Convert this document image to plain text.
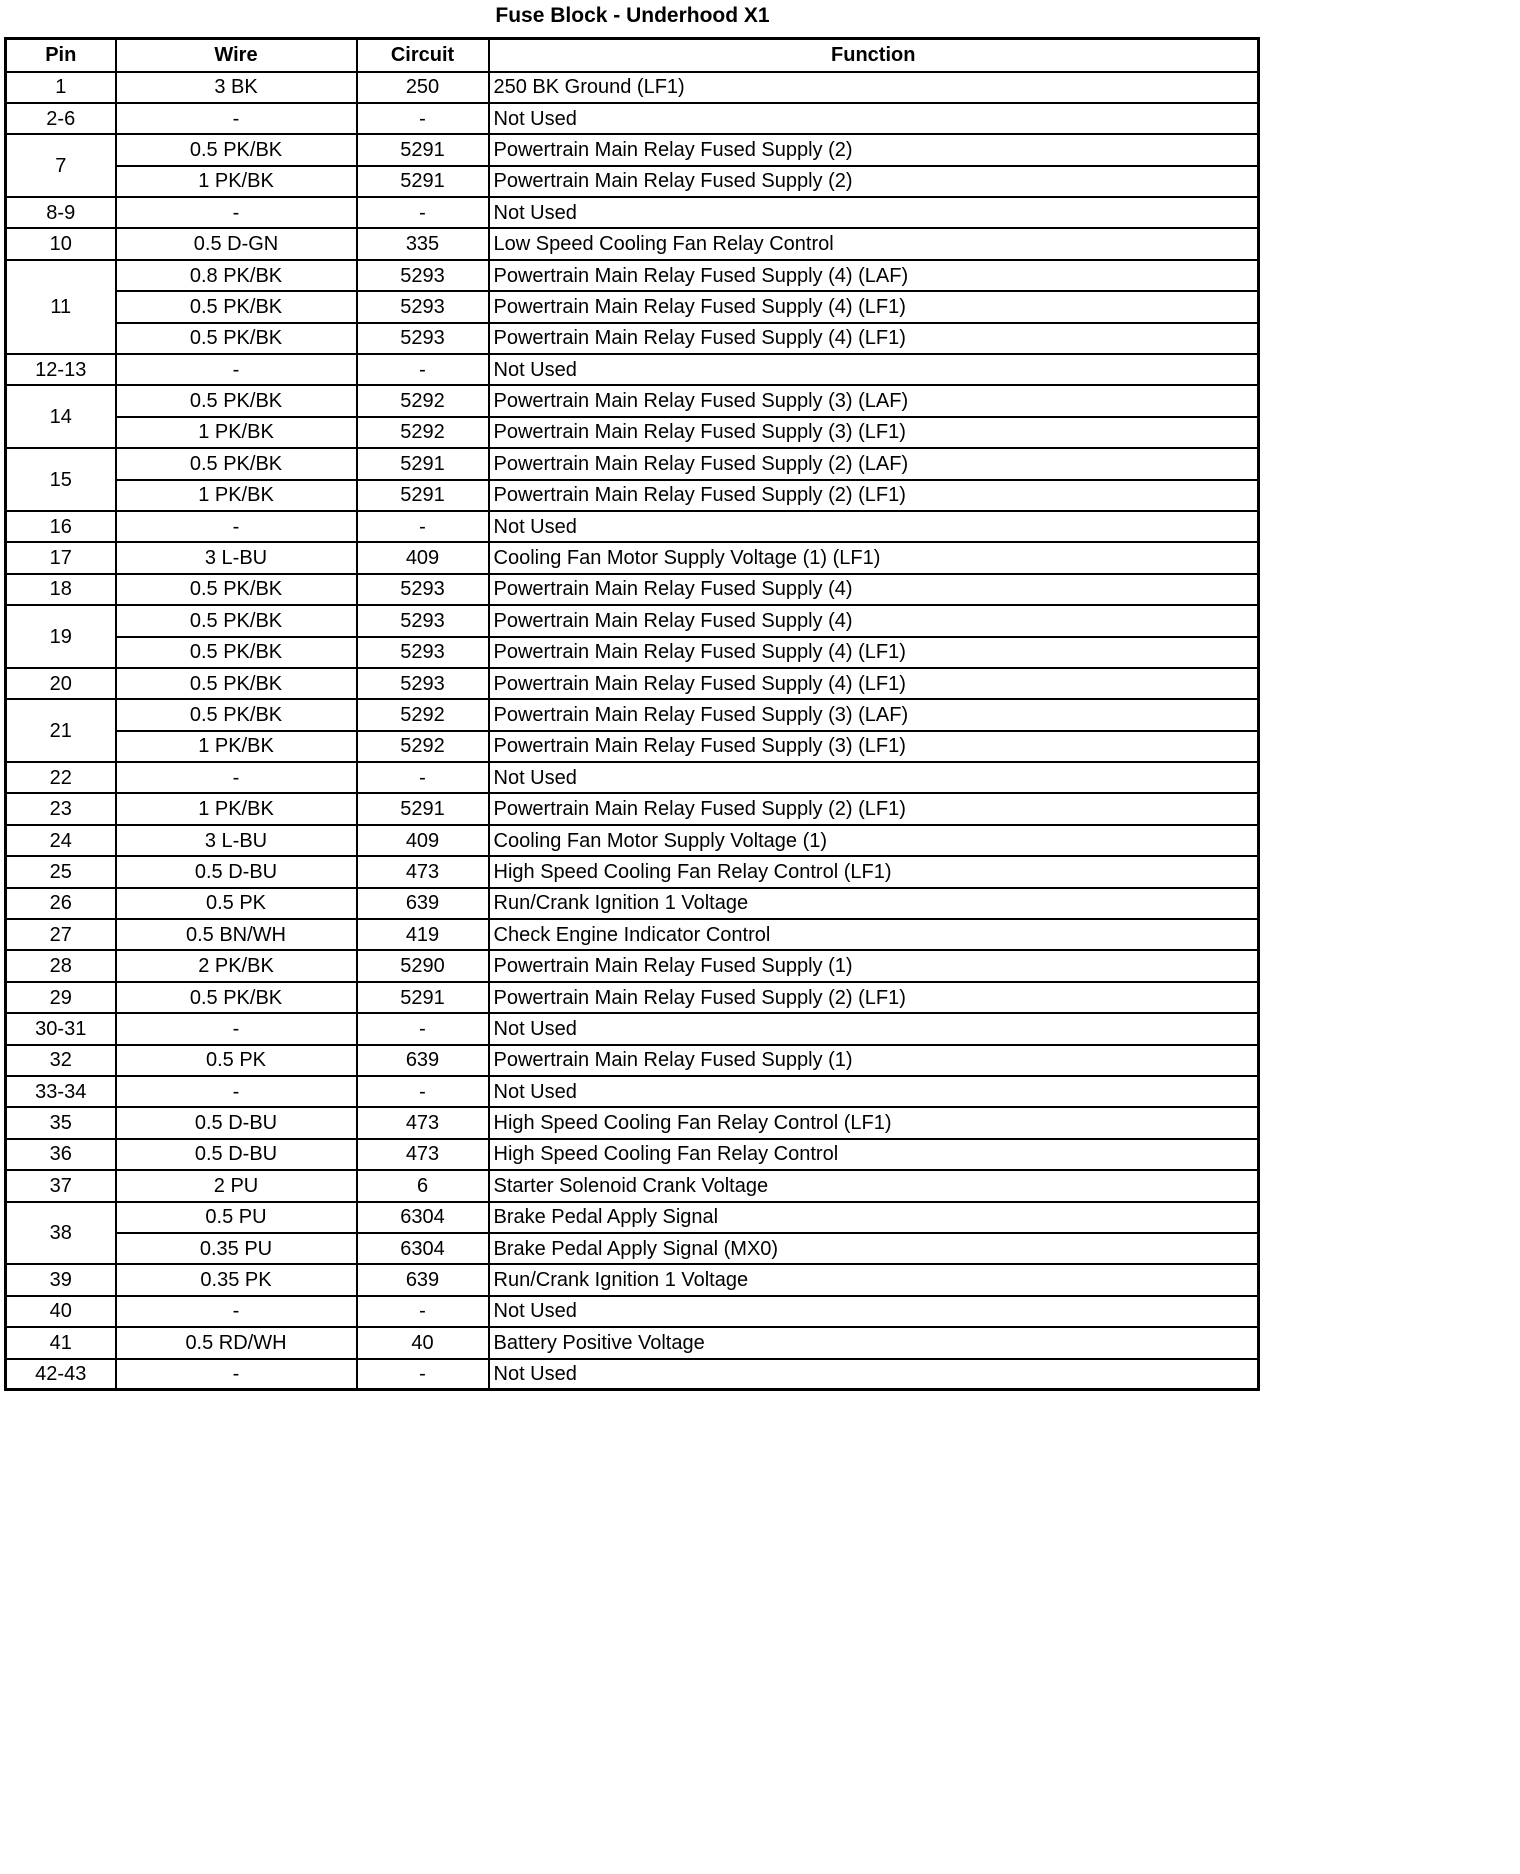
Fuse Block - Underhood X1
Pin	Wire	Circuit	Function
1	3 BK	250	250 BK Ground (LF1)
2-6	-	-	Not Used
7	0.5 PK/BK	5291	Powertrain Main Relay Fused Supply (2)
	1 PK/BK	5291	Powertrain Main Relay Fused Supply (2)
8-9	-	-	Not Used
10	0.5 D-GN	335	Low Speed Cooling Fan Relay Control
11	0.8 PK/BK	5293	Powertrain Main Relay Fused Supply (4) (LAF)
	0.5 PK/BK	5293	Powertrain Main Relay Fused Supply (4) (LF1)
	0.5 PK/BK	5293	Powertrain Main Relay Fused Supply (4) (LF1)
12-13	-	-	Not Used
14	0.5 PK/BK	5292	Powertrain Main Relay Fused Supply (3) (LAF)
	1 PK/BK	5292	Powertrain Main Relay Fused Supply (3) (LF1)
15	0.5 PK/BK	5291	Powertrain Main Relay Fused Supply (2) (LAF)
	1 PK/BK	5291	Powertrain Main Relay Fused Supply (2) (LF1)
16	-	-	Not Used
17	3 L-BU	409	Cooling Fan Motor Supply Voltage (1) (LF1)
18	0.5 PK/BK	5293	Powertrain Main Relay Fused Supply (4)
19	0.5 PK/BK	5293	Powertrain Main Relay Fused Supply (4)
	0.5 PK/BK	5293	Powertrain Main Relay Fused Supply (4) (LF1)
20	0.5 PK/BK	5293	Powertrain Main Relay Fused Supply (4) (LF1)
21	0.5 PK/BK	5292	Powertrain Main Relay Fused Supply (3) (LAF)
	1 PK/BK	5292	Powertrain Main Relay Fused Supply (3) (LF1)
22	-	-	Not Used
23	1 PK/BK	5291	Powertrain Main Relay Fused Supply (2) (LF1)
24	3 L-BU	409	Cooling Fan Motor Supply Voltage (1)
25	0.5 D-BU	473	High Speed Cooling Fan Relay Control (LF1)
26	0.5 PK	639	Run/Crank Ignition 1 Voltage
27	0.5 BN/WH	419	Check Engine Indicator Control
28	2 PK/BK	5290	Powertrain Main Relay Fused Supply (1)
29	0.5 PK/BK	5291	Powertrain Main Relay Fused Supply (2) (LF1)
30-31	-	-	Not Used
32	0.5 PK	639	Powertrain Main Relay Fused Supply (1)
33-34	-	-	Not Used
35	0.5 D-BU	473	High Speed Cooling Fan Relay Control (LF1)
36	0.5 D-BU	473	High Speed Cooling Fan Relay Control
37	2 PU	6	Starter Solenoid Crank Voltage
38	0.5 PU	6304	Brake Pedal Apply Signal
	0.35 PU	6304	Brake Pedal Apply Signal (MX0)
39	0.35 PK	639	Run/Crank Ignition 1 Voltage
40	-	-	Not Used
41	0.5 RD/WH	40	Battery Positive Voltage
42-43	-	-	Not Used
